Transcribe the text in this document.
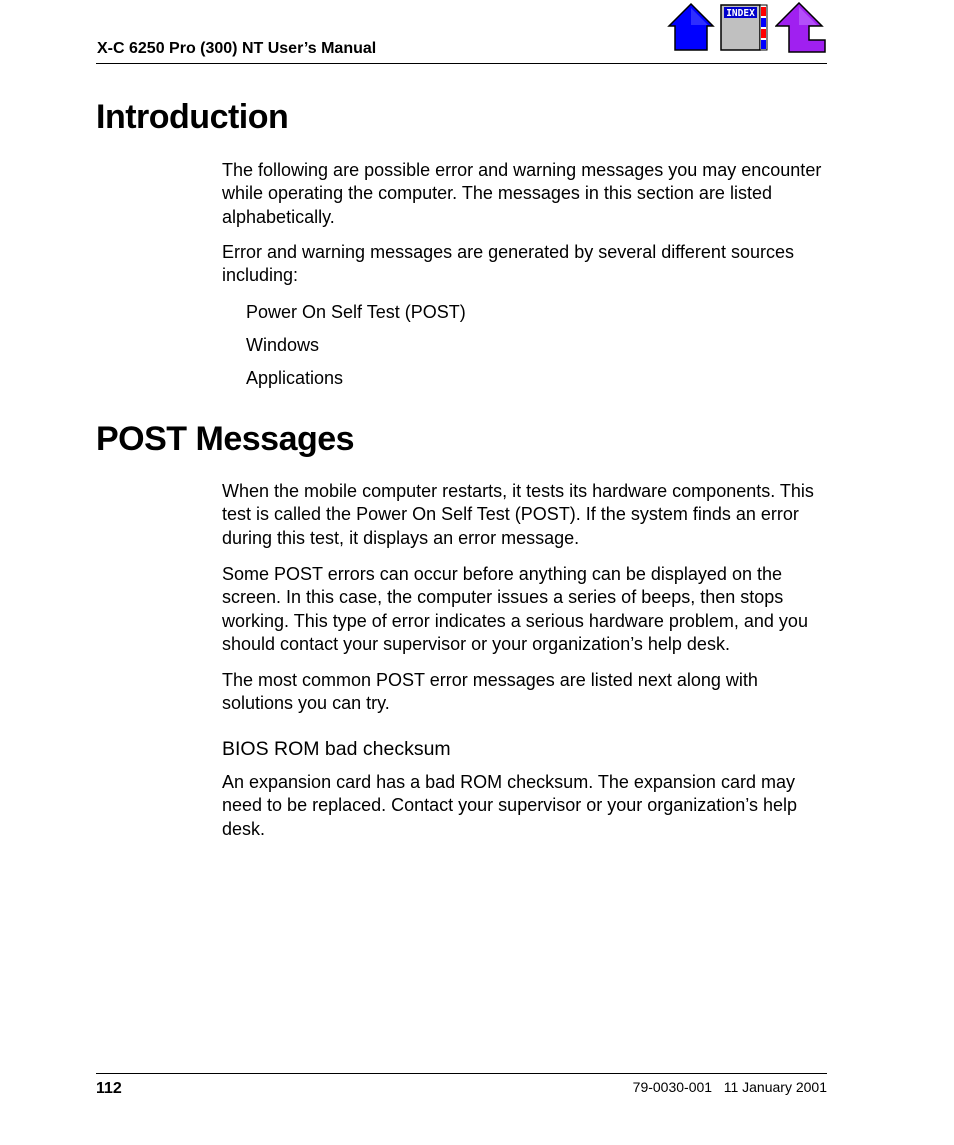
X-C 6250 Pro (300) NT User’s Manual
INDEX
Introduction

The following are possible error and warning messages you may encounter while operating the computer. The messages in this section are listed alphabetically.

Error and warning messages are generated by several different sources including:

Power On Self Test (POST)
Windows
Applications
POST Messages

When the mobile computer restarts, it tests its hardware components. This test is called the Power On Self Test (POST). If the system finds an error during this test, it displays an error message.

Some POST errors can occur before anything can be displayed on the screen. In this case, the computer issues a series of beeps, then stops working. This type of error indicates a serious hardware problem, and you should contact your supervisor or your organization’s help desk.

The most common POST error messages are listed next along with solutions you can try.

BIOS ROM bad checksum

An expansion card has a bad ROM checksum. The expansion card may need to be replaced. Contact your supervisor or your organization’s help desk.

112	79-0030-001   11 January 2001
